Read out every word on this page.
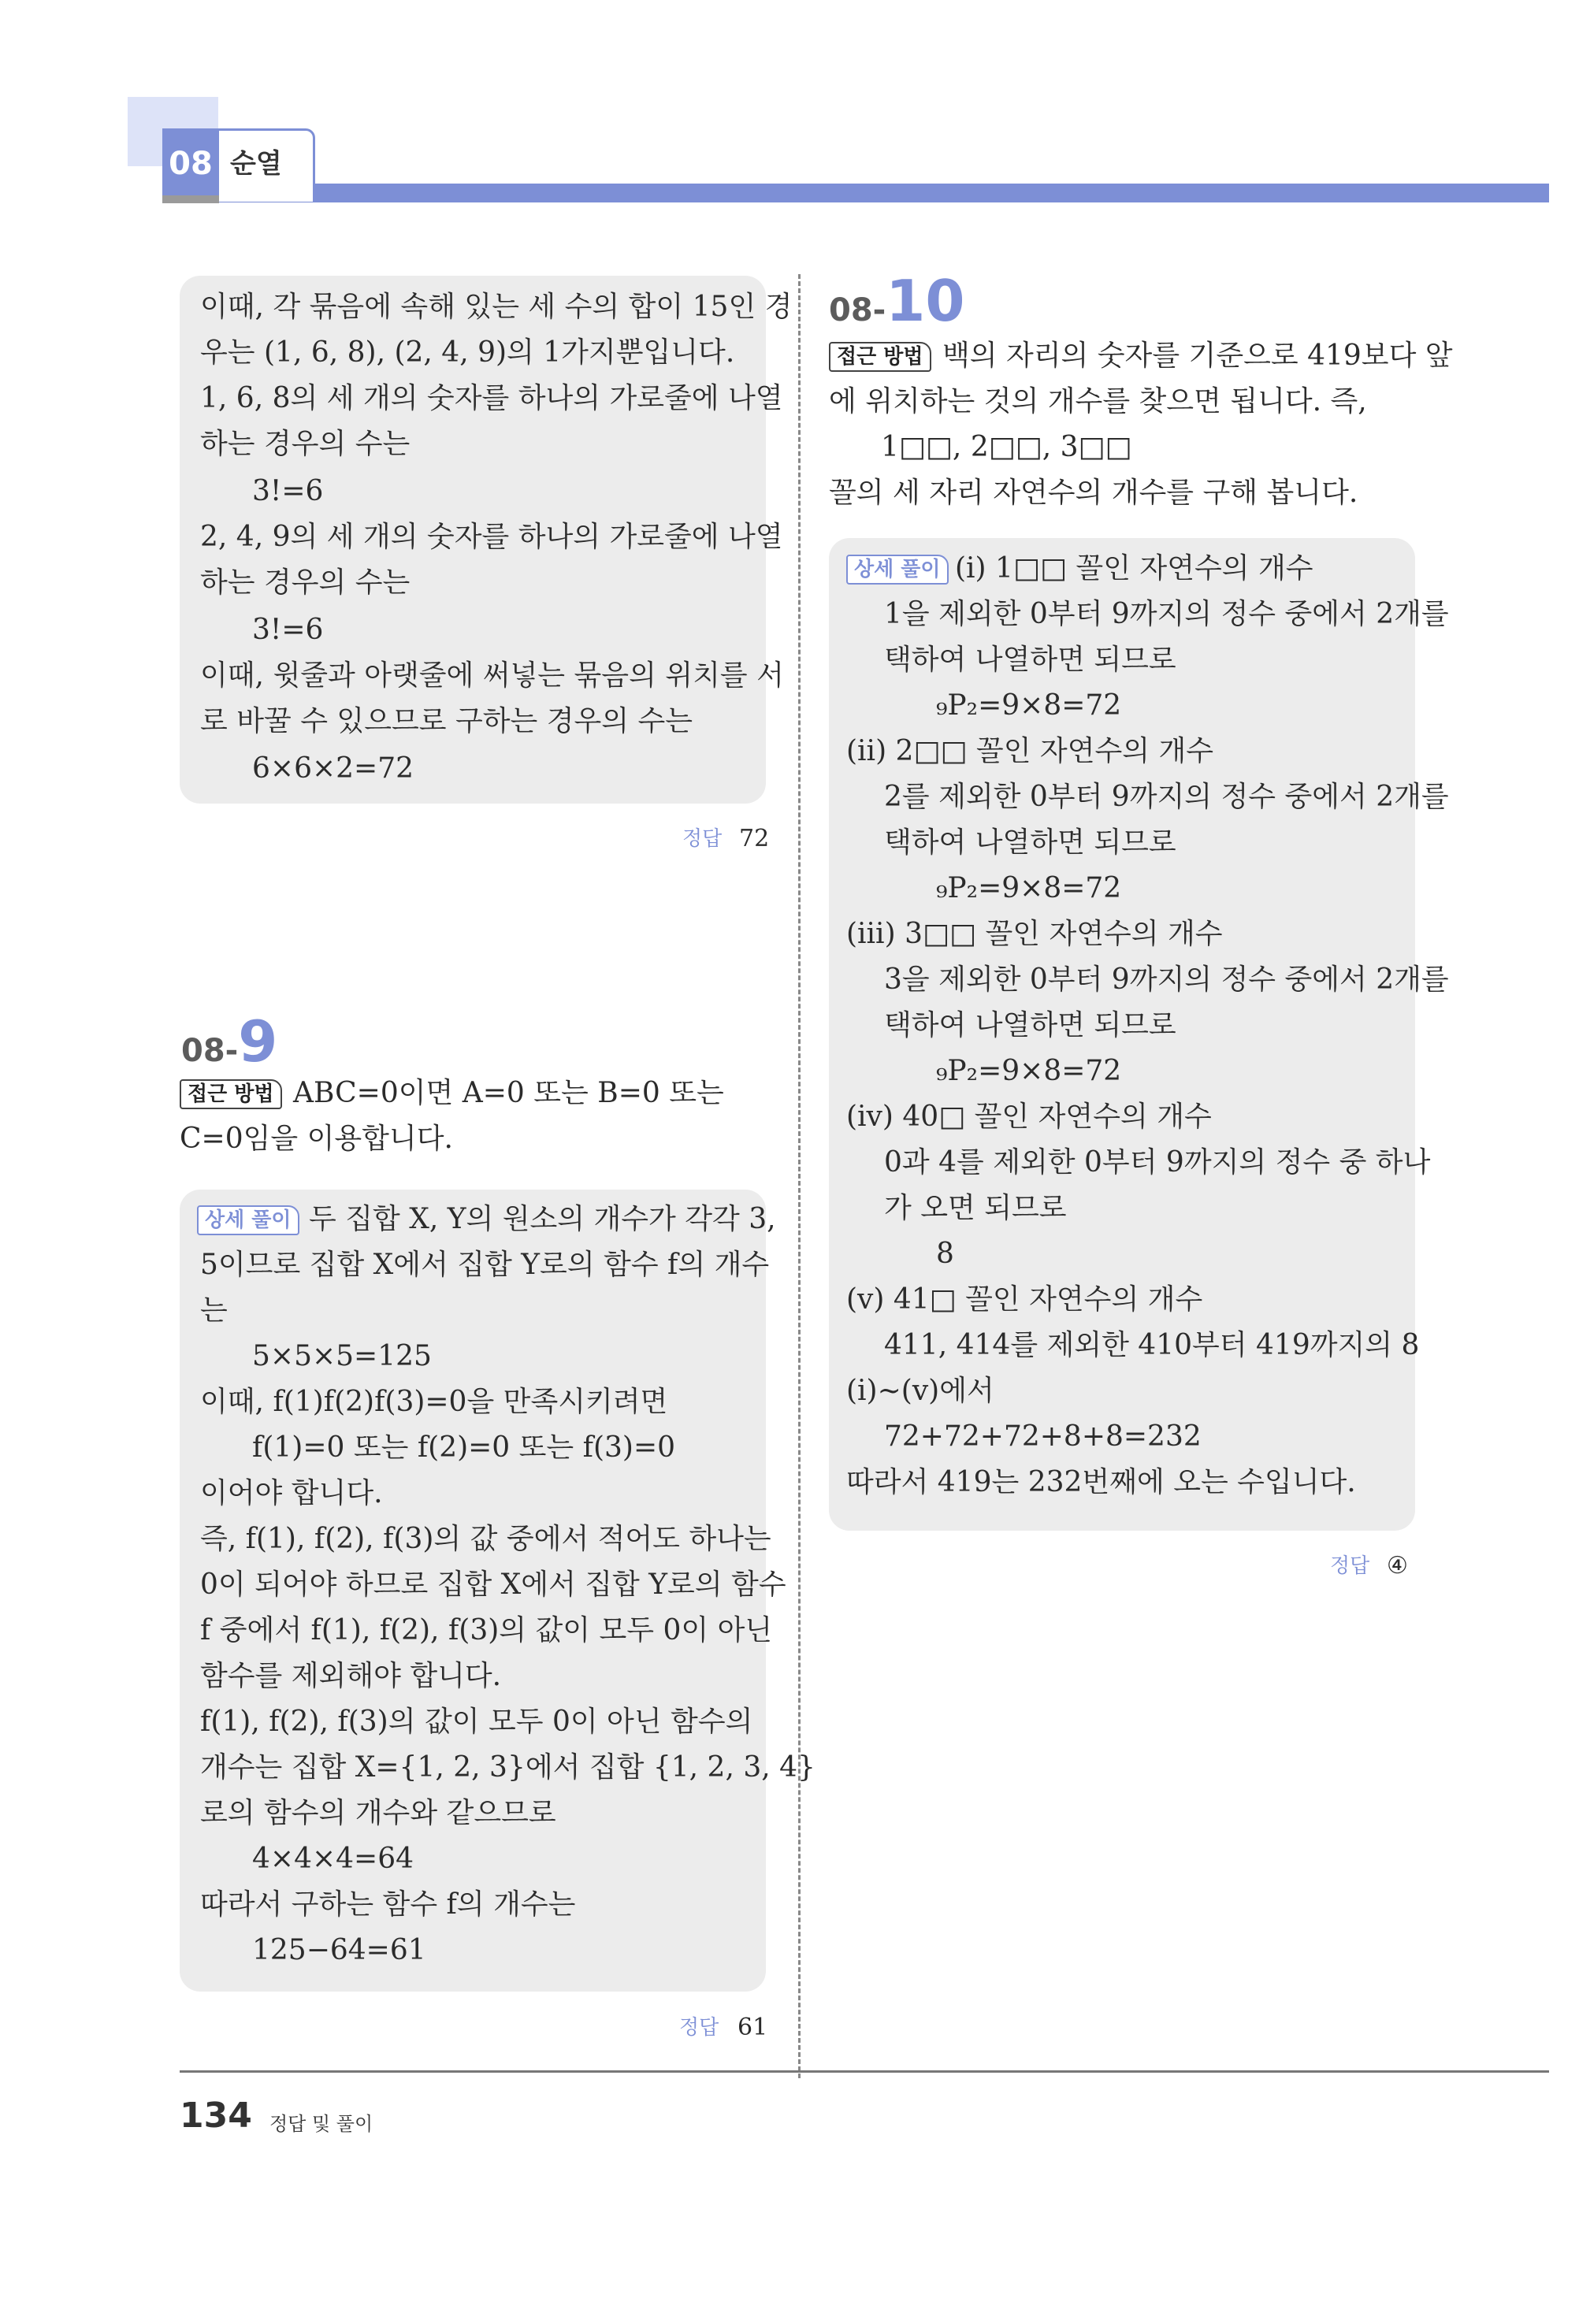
08 순열
이때, 각 묶음에 속해 있는 세 수의 합이 15인 경
우는 (1, 6, 8), (2, 4, 9)의 1가지뿐입니다.
1, 6, 8의 세 개의 숫자를 하나의 가로줄에 나열
하는 경우의 수는
3!=6
2, 4, 9의 세 개의 숫자를 하나의 가로줄에 나열
하는 경우의 수는
3!=6
이때, 윗줄과 아랫줄에 써넣는 묶음의 위치를 서
로 바꿀 수 있으므로 구하는 경우의 수는
6×6×2=72
정답 72
08-9
접근 방법 ABC=0이면 A=0 또는 B=0 또는
C=0임을 이용합니다.
상세 풀이 두 집합 X, Y의 원소의 개수가 각각 3,
5이므로 집합 X에서 집합 Y로의 함수 f의 개수
는
5×5×5=125
이때, f(1)f(2)f(3)=0을 만족시키려면
f(1)=0 또는 f(2)=0 또는 f(3)=0
이어야 합니다.
즉, f(1), f(2), f(3)의 값 중에서 적어도 하나는
0이 되어야 하므로 집합 X에서 집합 Y로의 함수
f 중에서 f(1), f(2), f(3)의 값이 모두 0이 아닌
함수를 제외해야 합니다.
f(1), f(2), f(3)의 값이 모두 0이 아닌 함수의
개수는 집합 X={1, 2, 3}에서 집합 {1, 2, 3, 4}
로의 함수의 개수와 같으므로
4×4×4=64
따라서 구하는 함수 f의 개수는
125−64=61
정답 61
08-10
접근 방법 백의 자리의 숫자를 기준으로 419보다 앞
에 위치하는 것의 개수를 찾으면 됩니다. 즉,
1□□, 2□□, 3□□
꼴의 세 자리 자연수의 개수를 구해 봅니다.
상세 풀이 (ⅰ) 1□□ 꼴인 자연수의 개수
1을 제외한 0부터 9까지의 정수 중에서 2개를
택하여 나열하면 되므로
₉P₂=9×8=72
(ⅱ) 2□□ 꼴인 자연수의 개수
2를 제외한 0부터 9까지의 정수 중에서 2개를
택하여 나열하면 되므로
₉P₂=9×8=72
(ⅲ) 3□□ 꼴인 자연수의 개수
3을 제외한 0부터 9까지의 정수 중에서 2개를
택하여 나열하면 되므로
₉P₂=9×8=72
(ⅳ) 40□ 꼴인 자연수의 개수
0과 4를 제외한 0부터 9까지의 정수 중 하나
가 오면 되므로
8
(ⅴ) 41□ 꼴인 자연수의 개수
411, 414를 제외한 410부터 419까지의 8
(ⅰ)~(ⅴ)에서
72+72+72+8+8=232
따라서 419는 232번째에 오는 수입니다.
정답 ④
134 정답 및 풀이
